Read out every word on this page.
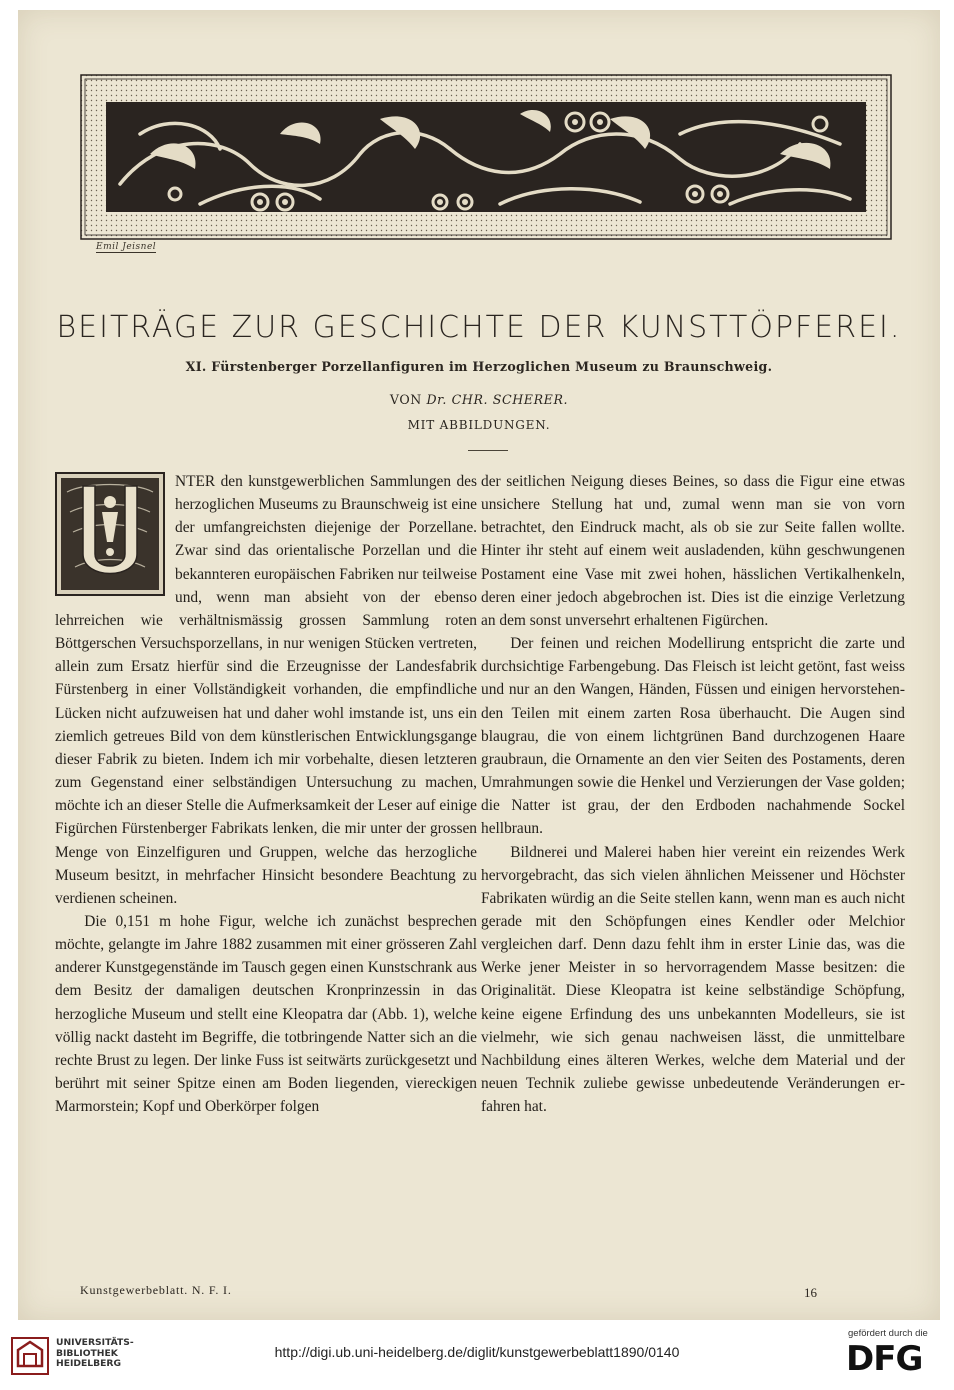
Emil Jeisnel
BEITRÄGE ZUR GESCHICHTE DER KUNSTTÖPFEREI.
XI. Fürstenberger Porzellanfiguren im Herzoglichen Museum zu Braunschweig.
VON Dr. CHR. SCHERER.
MIT ABBILDUNGEN.

NTER den kunstgewerblichen Sammlungen des herzoglichen Museums zu Braunschweig ist eine der umfangreichsten diejenige der Porzellane. Zwar sind das orientalische Porzellan und die bekannteren europäischen Fabriken nur teilweise und, wenn man absieht von der ebenso lehrreichen wie verhältnismässig grossen Sammlung roten Böttgerschen Versuchsporzellans, in nur wenigen Stücken vertreten, allein zum Ersatz hierfür sind die Erzeugnisse der Landesfabrik Fürstenberg in einer Vollständigkeit vorhanden, die empfindliche Lücken nicht aufzuweisen hat und daher wohl imstande ist, uns ein ziemlich getreues Bild von dem künstlerischen Entwicklungsgange dieser Fabrik zu bieten. Indem ich mir vorbehalte, diesen letzteren zum Gegenstand einer selbständigen Untersuchung zu machen, möchte ich an dieser Stelle die Aufmerksamkeit der Leser auf einige Figürchen Fürstenberger Fabrikats lenken, die mir unter der grossen Menge von Einzelfiguren und Gruppen, welche das herzogliche Museum besitzt, in mehrfacher Hinsicht besondere Beachtung zu verdienen scheinen.

Die 0,151 m hohe Figur, welche ich zunächst besprechen möchte, gelangte im Jahre 1882 zusammen mit einer grösseren Zahl anderer Kunstgegenstände im Tausch gegen einen Kunstschrank aus dem Besitz der damaligen deutschen Kronprinzessin in das herzogliche Museum und stellt eine Kleopatra dar (Abb. 1), welche völlig nackt dasteht im Begriffe, die totbringende Natter sich an die rechte Brust zu legen. Der linke Fuss ist seitwärts zurückgesetzt und berührt mit seiner Spitze einen am Boden liegenden, viereckigen Marmorstein; Kopf und Oberkörper folgen

der seitlichen Neigung dieses Beines, so dass die Figur eine etwas unsichere Stellung hat und, zumal wenn man sie von vorn betrachtet, den Eindruck macht, als ob sie zur Seite fallen wollte. Hinter ihr steht auf einem weit ausladenden, kühn geschwungenen Postament eine Vase mit zwei hohen, hässlichen Vertikalhenkeln, deren einer jedoch abgebrochen ist. Dies ist die einzige Verletzung an dem sonst unversehrt erhaltenen Figürchen.

Der feinen und reichen Modellirung entspricht die zarte und durchsichtige Farbengebung. Das Fleisch ist leicht getönt, fast weiss und nur an den Wangen, Händen, Füssen und einigen hervorstehenden Teilen mit einem zarten Rosa überhaucht. Die Augen sind blaugrau, die von einem lichtgrünen Band durchzogenen Haare graubraun, die Ornamente an den vier Seiten des Postaments, deren Umrahmungen sowie die Henkel und Verzierungen der Vase golden; die Natter ist grau, der den Erdboden nachahmende Sockel hellbraun.

Bildnerei und Malerei haben hier vereint ein reizendes Werk hervorgebracht, das sich vielen ähnlichen Meissener und Höchster Fabrikaten würdig an die Seite stellen kann, wenn man es auch nicht gerade mit den Schöpfungen eines Kendler oder Melchior vergleichen darf. Denn dazu fehlt ihm in erster Linie das, was die Werke jener Meister in so hervorragendem Masse besitzen: die Originalität. Diese Kleopatra ist keine selbständige Schöpfung, keine eigene Erfindung des uns unbekannten Modelleurs, sie ist vielmehr, wie sich genau nachweisen lässt, die unmittelbare Nachbildung eines älteren Werkes, welche dem Material und der neuen Technik zuliebe gewisse unbedeutende Veränderungen erfahren hat.

Kunstgewerbeblatt. N. F. I.	16
UNIVERSITÄTS-
BIBLIOTHEK
HEIDELBERG
http://digi.ub.uni-heidelberg.de/diglit/kunstgewerbeblatt1890/0140
gefördert durch die
DFG
